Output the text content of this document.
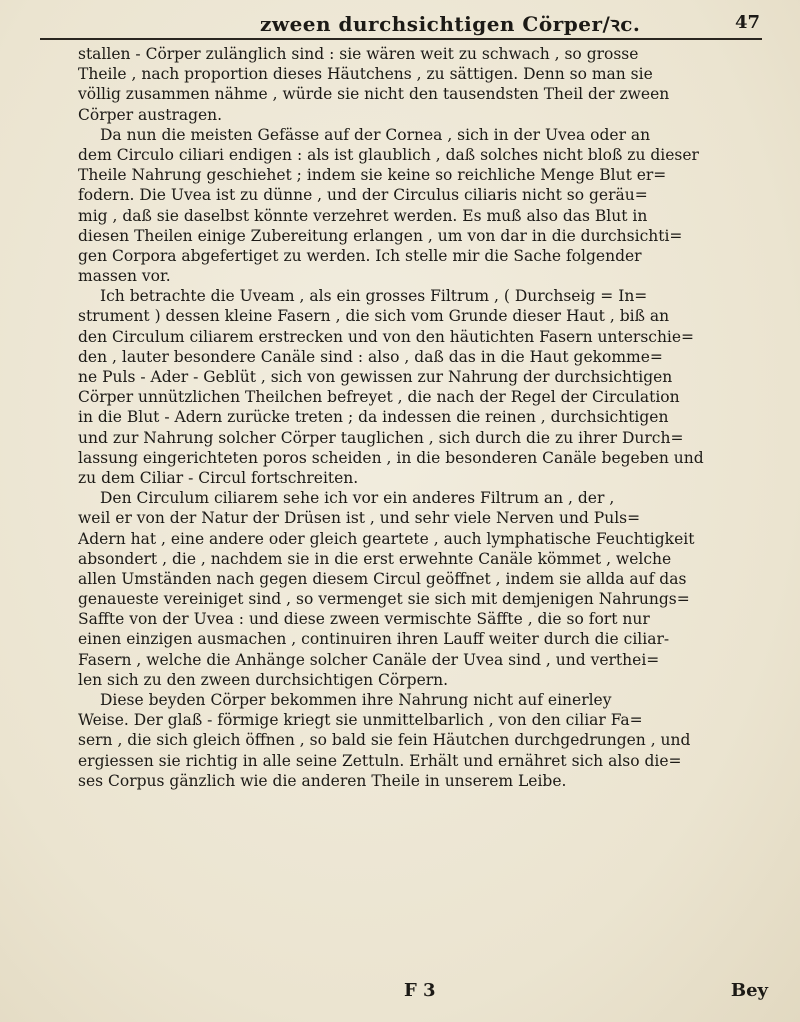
zween durchsichtigen Cörper/ꝛc.	47
stallen - Cörper zulänglich sind : sie wären weit zu schwach , so grosse
Theile , nach proportion dieses Häutchens , zu sättigen. Denn so man sie
völlig zusammen nähme , würde sie nicht den tausendsten Theil der zween
Cörper austragen.
Da nun die meisten Gefässe auf der Cornea , sich in der Uvea oder an
dem Circulo ciliari endigen : als ist glaublich , daß solches nicht bloß zu dieser
Theile Nahrung geschiehet ; indem sie keine so reichliche Menge Blut er=
fodern. Die Uvea ist zu dünne , und der Circulus ciliaris nicht so geräu=
mig , daß sie daselbst könnte verzehret werden. Es muß also das Blut in
diesen Theilen einige Zubereitung erlangen , um von dar in die durchsichti=
gen Corpora abgefertiget zu werden. Ich stelle mir die Sache folgender
massen vor.
Ich betrachte die Uveam , als ein grosses Filtrum , ( Durchseig = In=
strument ) dessen kleine Fasern , die sich vom Grunde dieser Haut , biß an
den Circulum ciliarem erstrecken und von den häutichten Fasern unterschie=
den , lauter besondere Canäle sind : also , daß das in die Haut gekomme=
ne Puls - Ader - Geblüt , sich von gewissen zur Nahrung der durchsichtigen
Cörper unnützlichen Theilchen befreyet , die nach der Regel der Circulation
in die Blut - Adern zurücke treten ; da indessen die reinen , durchsichtigen
und zur Nahrung solcher Cörper tauglichen , sich durch die zu ihrer Durch=
lassung eingerichteten poros scheiden , in die besonderen Canäle begeben und
zu dem Ciliar - Circul fortschreiten.
Den Circulum ciliarem sehe ich vor ein anderes Filtrum an , der ,
weil er von der Natur der Drüsen ist , und sehr viele Nerven und Puls=
Adern hat , eine andere oder gleich geartete , auch lymphatische Feuchtigkeit
absondert , die , nachdem sie in die erst erwehnte Canäle kömmet , welche
allen Umständen nach gegen diesem Circul geöffnet , indem sie allda auf das
genaueste vereiniget sind , so vermenget sie sich mit demjenigen Nahrungs=
Saffte von der Uvea : und diese zween vermischte Säffte , die so fort nur
einen einzigen ausmachen , continuiren ihren Lauff weiter durch die ciliar-
Fasern , welche die Anhänge solcher Canäle der Uvea sind , und verthei=
len sich zu den zween durchsichtigen Cörpern.
Diese beyden Cörper bekommen ihre Nahrung nicht auf einerley
Weise. Der glaß - förmige kriegt sie unmittelbarlich , von den ciliar Fa=
sern , die sich gleich öffnen , so bald sie fein Häutchen durchgedrungen , und
ergiessen sie richtig in alle seine Zettuln. Erhält und ernähret sich also die=
ses Corpus gänzlich wie die anderen Theile in unserem Leibe.
F 3	Bey
